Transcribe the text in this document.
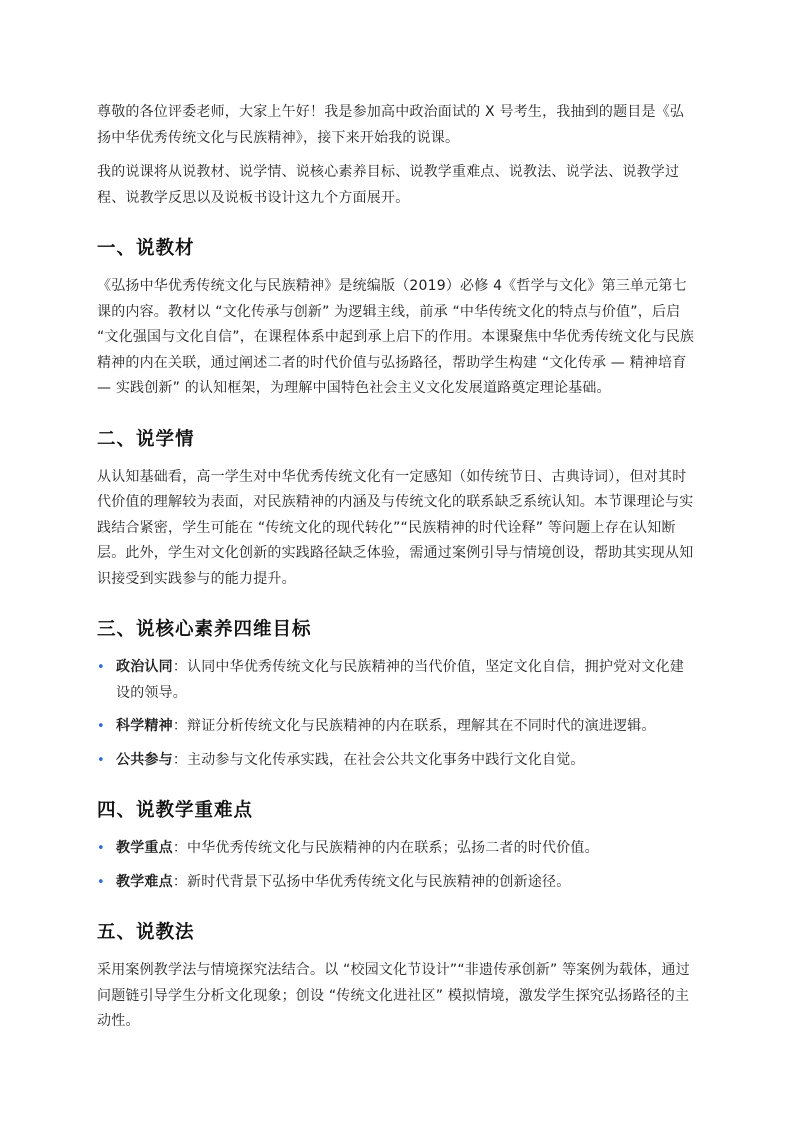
尊敬的各位评委老师，大家上午好！我是参加高中政治面试的 X 号考生，我抽到的题目是《弘扬中华优秀传统文化与民族精神》，接下来开始我的说课。

我的说课将从说教材、说学情、说核心素养目标、说教学重难点、说教法、说学法、说教学过程、说教学反思以及说板书设计这九个方面展开。

一、说教材

《弘扬中华优秀传统文化与民族精神》是统编版（2019）必修 4《哲学与文化》第三单元第七课的内容。教材以 “文化传承与创新” 为逻辑主线，前承 “中华传统文化的特点与价值”，后启 “文化强国与文化自信”，在课程体系中起到承上启下的作用。本课聚焦中华优秀传统文化与民族精神的内在关联，通过阐述二者的时代价值与弘扬路径，帮助学生构建 “文化传承 — 精神培育 — 实践创新” 的认知框架，为理解中国特色社会主义文化发展道路奠定理论基础。

二、说学情

从认知基础看，高一学生对中华优秀传统文化有一定感知（如传统节日、古典诗词），但对其时代价值的理解较为表面，对民族精神的内涵及与传统文化的联系缺乏系统认知。本节课理论与实践结合紧密，学生可能在 “传统文化的现代转化”“民族精神的时代诠释” 等问题上存在认知断层。此外，学生对文化创新的实践路径缺乏体验，需通过案例引导与情境创设，帮助其实现从知识接受到实践参与的能力提升。

三、说核心素养四维目标
• 政治认同：认同中华优秀传统文化与民族精神的当代价值，坚定文化自信，拥护党对文化建设的领导。
• 科学精神：辩证分析传统文化与民族精神的内在联系，理解其在不同时代的演进逻辑。
• 公共参与：主动参与文化传承实践，在社会公共文化事务中践行文化自觉。
四、说教学重难点
• 教学重点：中华优秀传统文化与民族精神的内在联系；弘扬二者的时代价值。
• 教学难点：新时代背景下弘扬中华优秀传统文化与民族精神的创新途径。
五、说教法

采用案例教学法与情境探究法结合。以 “校园文化节设计”“非遗传承创新” 等案例为载体，通过问题链引导学生分析文化现象；创设 “传统文化进社区” 模拟情境，激发学生探究弘扬路径的主动性。
